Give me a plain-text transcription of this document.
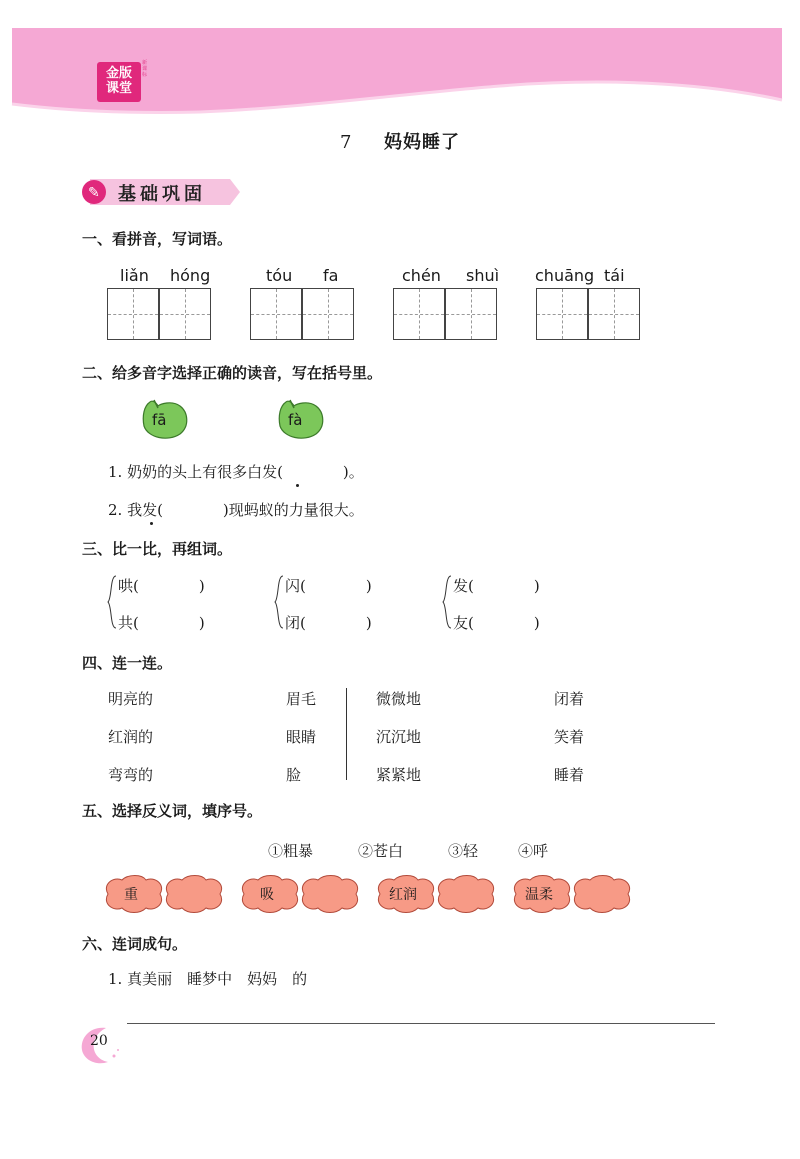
金版
课堂
新课标
7 妈妈睡了
✎ 基础巩固
一、看拼音，写词语。
liǎn hóng	tóu fa	chén shuì chuāng tái
二、给多音字选择正确的读音，写在括号里。
fā	fà
1. 奶奶的头上有很多白发(　　　　)。
2. 我发(　　　　)现蚂蚁的力量很大。
三、比一比，再组词。
哄(　　　　)
共(　　　　)
闪(　　　　)
闭(　　　　)
发(　　　　)
友(　　　　)
四、连一连。
明亮的
红润的
弯弯的
眉毛
眼睛
脸
微微地
沉沉地
紧紧地
闭着
笑着
睡着
五、选择反义词，填序号。
①粗暴	②苍白	③轻	④呼
重	吸	红润	温柔
六、连词成句。
1. 真美丽　睡梦中　妈妈　的
20
